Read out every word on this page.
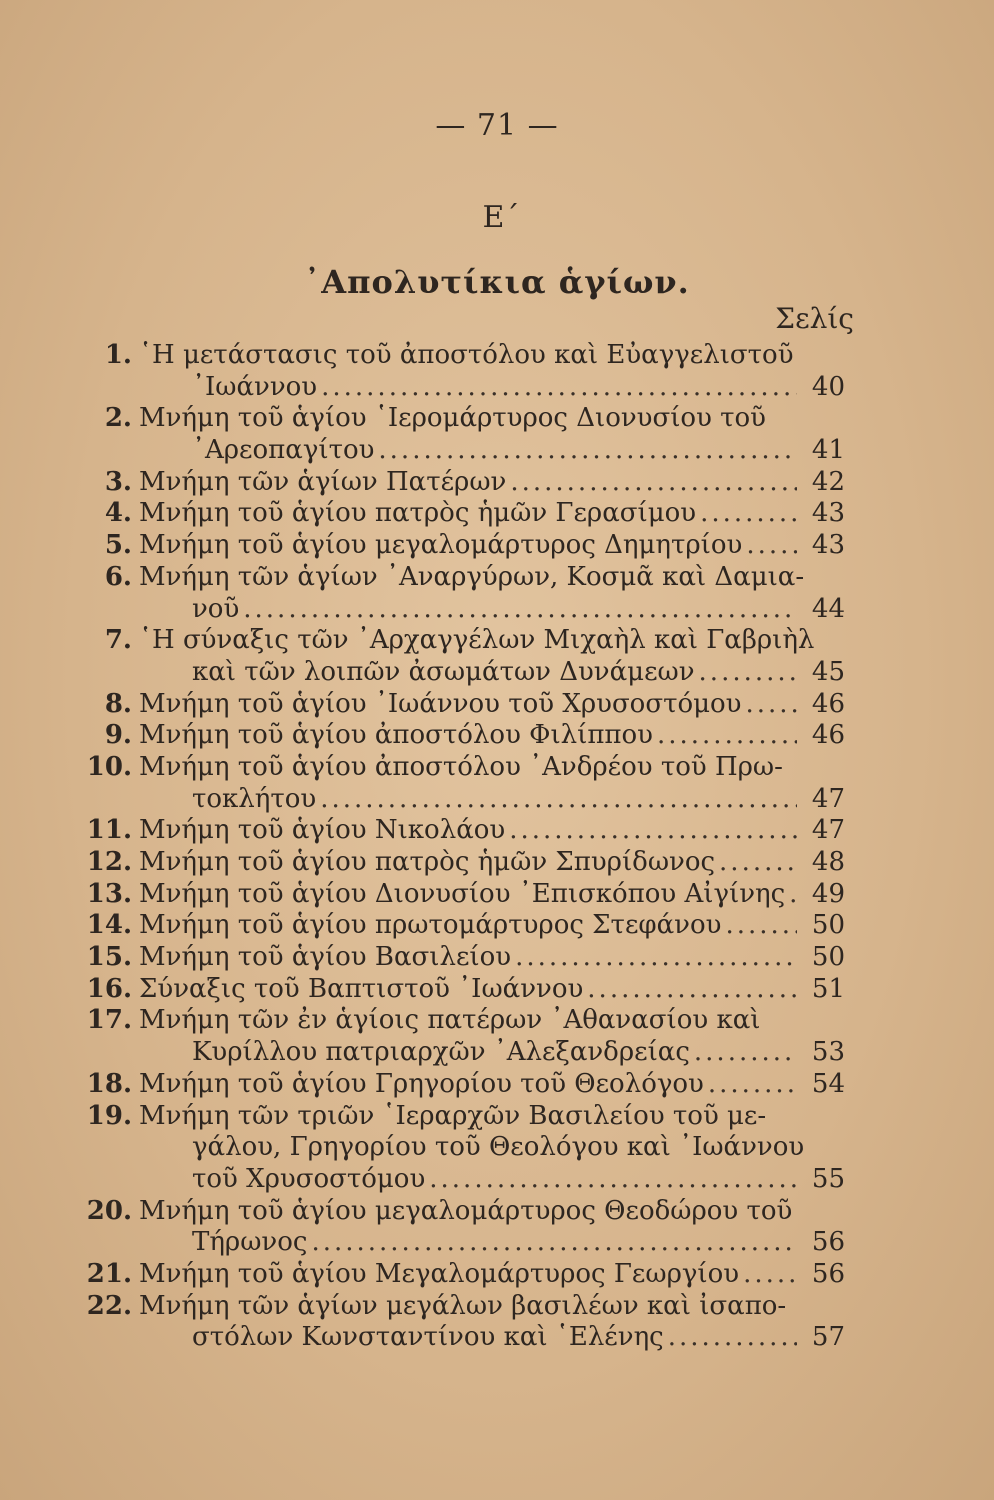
— 71 —
Ε΄
᾿Απολυτίκια ἁγίων.
Σελίς
1. ῾Η μετάστασις τοῦ ἀποστόλου καὶ Εὐαγγελιστοῦ
᾿Ιωάννου .....	40
2. Μνήμη τοῦ ἁγίου ῾Ιερομάρτυρος Διονυσίου τοῦ
᾿Αρεοπαγίτου .....	41
3. Μνήμη τῶν ἁγίων Πατέρων .....	42
4. Μνήμη τοῦ ἁγίου πατρὸς ἡμῶν Γερασίμου .....	43
5. Μνήμη τοῦ ἁγίου μεγαλομάρτυρος Δημητρίου .....	43
6. Μνήμη τῶν ἁγίων ᾿Αναργύρων, Κοσμᾶ καὶ Δαμια-
νοῦ .....	44
7. ῾Η σύναξις τῶν ᾿Αρχαγγέλων Μιχαὴλ καὶ Γαβριὴλ
καὶ τῶν λοιπῶν ἀσωμάτων Δυνάμεων .....	45
8. Μνήμη τοῦ ἁγίου ᾿Ιωάννου τοῦ Χρυσοστόμου .....	46
9. Μνήμη τοῦ ἁγίου ἀποστόλου Φιλίππου .....	46
10. Μνήμη τοῦ ἁγίου ἀποστόλου ᾿Ανδρέου τοῦ Πρω-
τοκλήτου .....	47
11. Μνήμη τοῦ ἁγίου Νικολάου .....	47
12. Μνήμη τοῦ ἁγίου πατρὸς ἡμῶν Σπυρίδωνος .....	48
13. Μνήμη τοῦ ἁγίου Διονυσίου ᾿Επισκόπου Αἰγίνης .....	49
14. Μνήμη τοῦ ἁγίου πρωτομάρτυρος Στεφάνου .....	50
15. Μνήμη τοῦ ἁγίου Βασιλείου .....	50
16. Σύναξις τοῦ Βαπτιστοῦ ᾿Ιωάννου .....	51
17. Μνήμη τῶν ἐν ἁγίοις πατέρων ᾿Αθανασίου καὶ
Κυρίλλου πατριαρχῶν ᾿Αλεξανδρείας .....	53
18. Μνήμη τοῦ ἁγίου Γρηγορίου τοῦ Θεολόγου .....	54
19. Μνήμη τῶν τριῶν ῾Ιεραρχῶν Βασιλείου τοῦ με-
γάλου, Γρηγορίου τοῦ Θεολόγου καὶ ᾿Ιωάννου
τοῦ Χρυσοστόμου .....	55
20. Μνήμη τοῦ ἁγίου μεγαλομάρτυρος Θεοδώρου τοῦ
Τήρωνος .....	56
21. Μνήμη τοῦ ἁγίου Μεγαλομάρτυρος Γεωργίου .....	56
22. Μνήμη τῶν ἁγίων μεγάλων βασιλέων καὶ ἰσαπο-
στόλων Κωνσταντίνου καὶ ῾Ελένης .....	57
